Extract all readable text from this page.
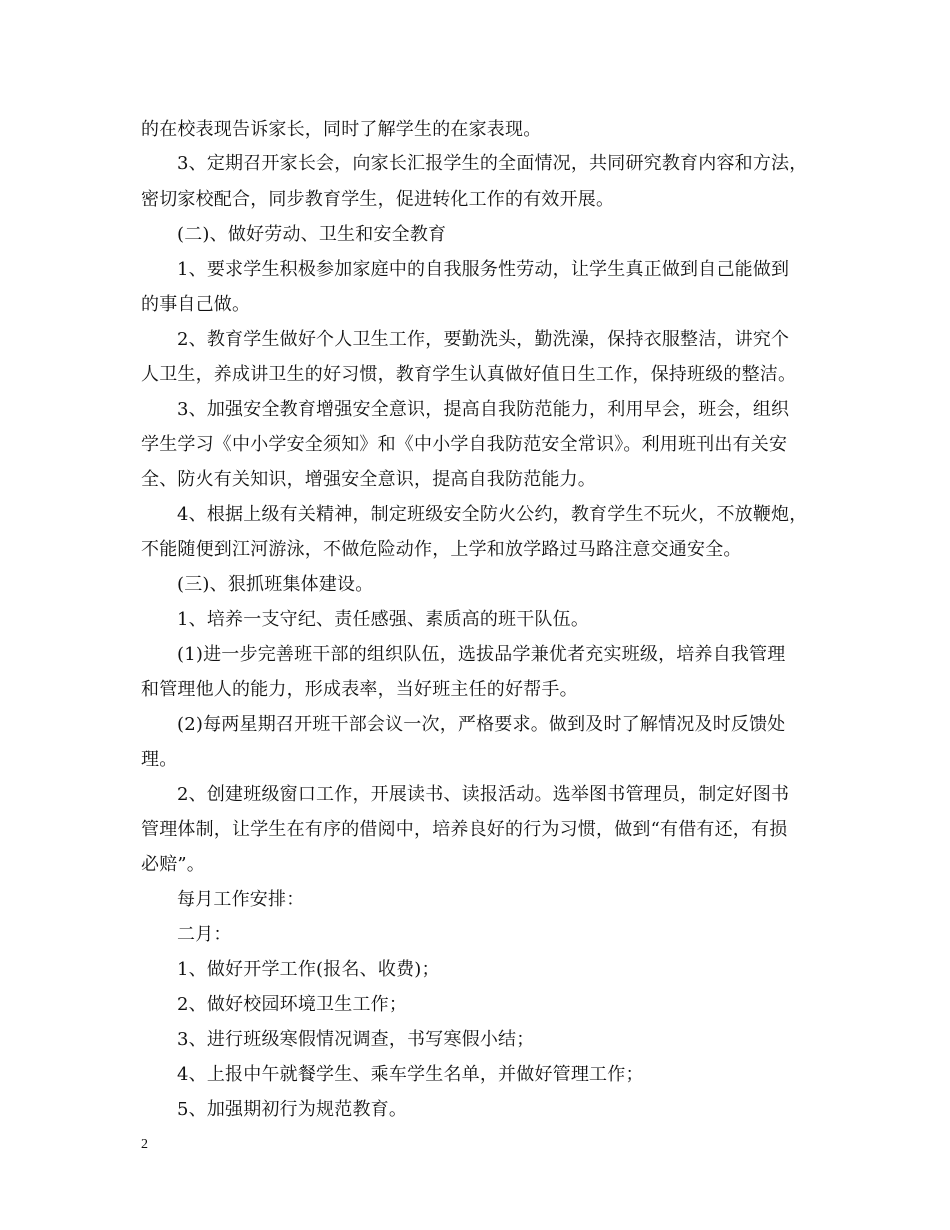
的在校表现告诉家长，同时了解学生的在家表现。
3、定期召开家长会，向家长汇报学生的全面情况，共同研究教育内容和方法，
密切家校配合，同步教育学生，促进转化工作的有效开展。
(二)、做好劳动、卫生和安全教育
1、要求学生积极参加家庭中的自我服务性劳动，让学生真正做到自己能做到
的事自己做。
2、教育学生做好个人卫生工作，要勤洗头，勤洗澡，保持衣服整洁，讲究个
人卫生，养成讲卫生的好习惯，教育学生认真做好值日生工作，保持班级的整洁。
3、加强安全教育增强安全意识，提高自我防范能力，利用早会，班会，组织
学生学习《中小学安全须知》和《中小学自我防范安全常识》。利用班刊出有关安
全、防火有关知识，增强安全意识，提高自我防范能力。
4、根据上级有关精神，制定班级安全防火公约，教育学生不玩火，不放鞭炮，
不能随便到江河游泳，不做危险动作，上学和放学路过马路注意交通安全。
(三)、狠抓班集体建设。
1、培养一支守纪、责任感强、素质高的班干队伍。
(1)进一步完善班干部的组织队伍，选拔品学兼优者充实班级，培养自我管理
和管理他人的能力，形成表率，当好班主任的好帮手。
(2)每两星期召开班干部会议一次，严格要求。做到及时了解情况及时反馈处
理。
2、创建班级窗口工作，开展读书、读报活动。选举图书管理员，制定好图书
管理体制，让学生在有序的借阅中，培养良好的行为习惯，做到“有借有还，有损
必赔”。
每月工作安排：
二月：
1、做好开学工作(报名、收费)；
2、做好校园环境卫生工作；
3、进行班级寒假情况调查，书写寒假小结；
4、上报中午就餐学生、乘车学生名单，并做好管理工作；
5、加强期初行为规范教育。
2
